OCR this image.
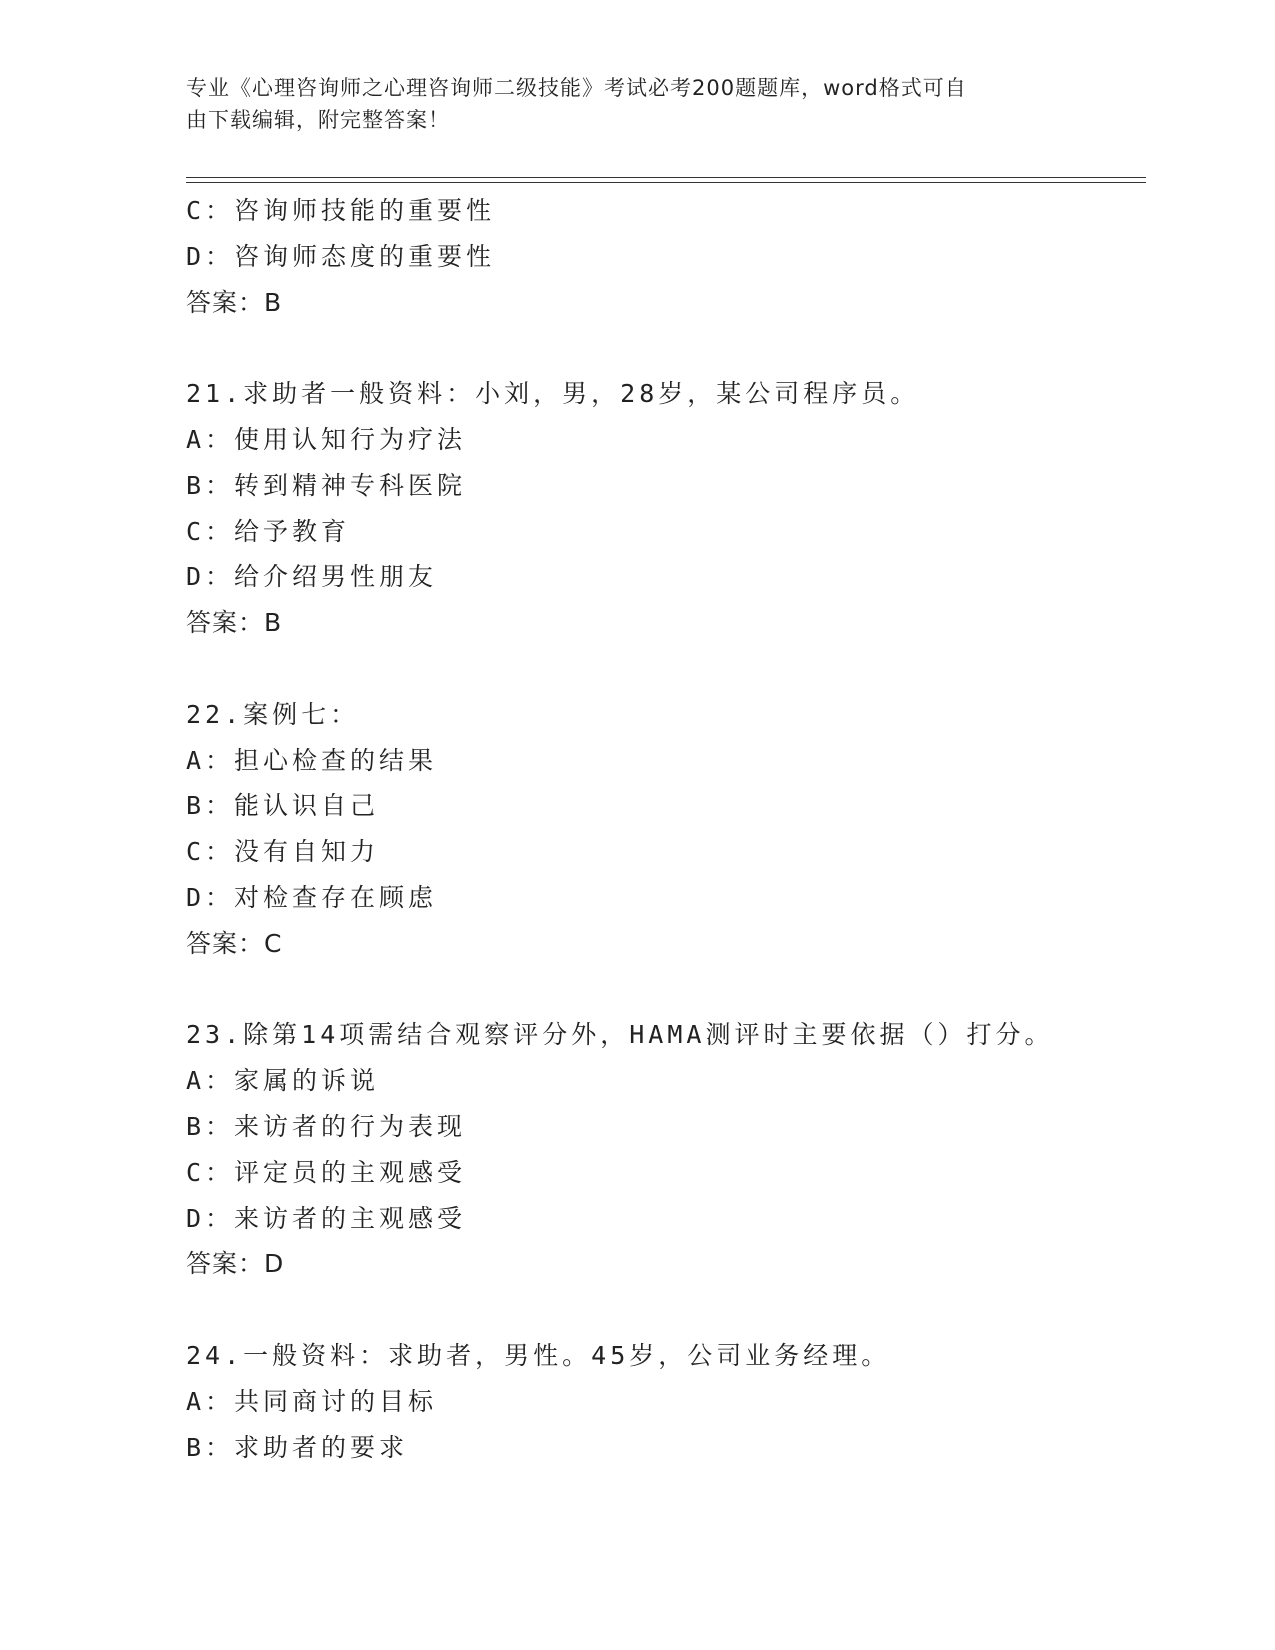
专业《心理咨询师之心理咨询师二级技能》考试必考200题题库，word格式可自
由下载编辑，附完整答案！
C：咨询师技能的重要性
D：咨询师态度的重要性
答案：B
21.求助者一般资料：小刘，男，28岁，某公司程序员。
A：使用认知行为疗法
B：转到精神专科医院
C：给予教育
D：给介绍男性朋友
答案：B
22.案例七：
A：担心检查的结果
B：能认识自己
C：没有自知力
D：对检查存在顾虑
答案：C
23.除第14项需结合观察评分外，HAMA测评时主要依据（）打分。
A：家属的诉说
B：来访者的行为表现
C：评定员的主观感受
D：来访者的主观感受
答案：D
24.一般资料：求助者，男性。45岁，公司业务经理。
A：共同商讨的目标
B：求助者的要求
